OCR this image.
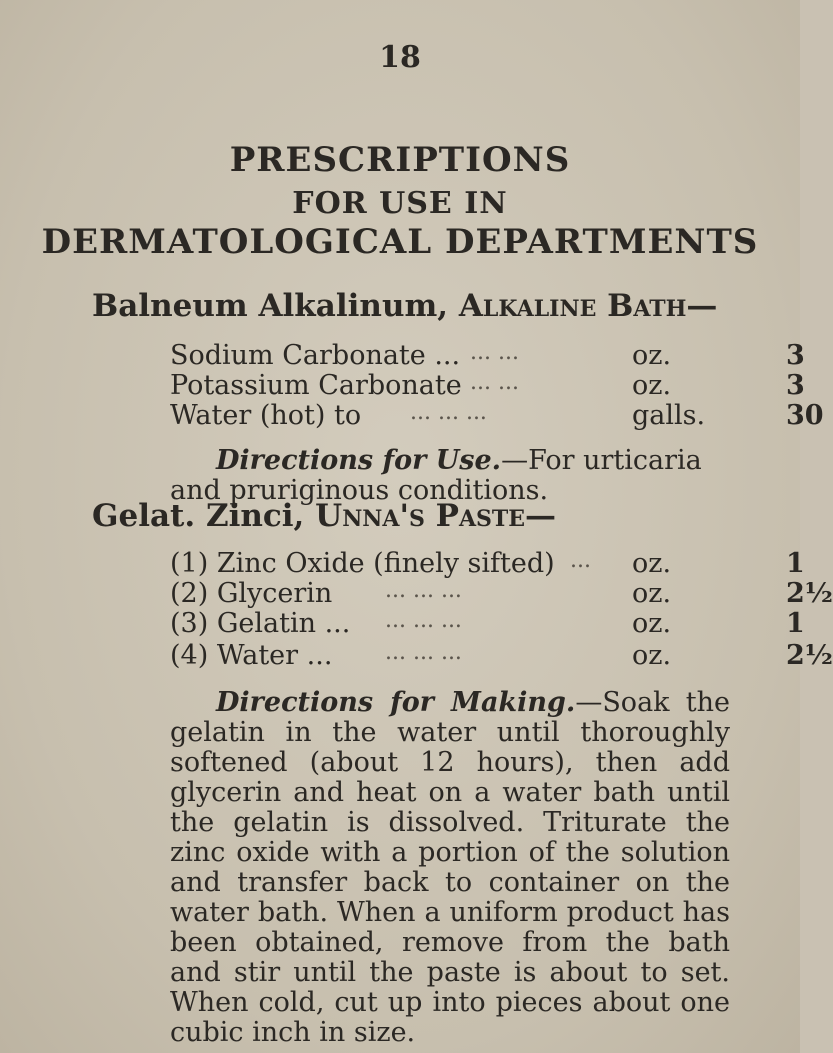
18
PRESCRIPTIONS
FOR USE IN
DERMATOLOGICAL DEPARTMENTS
Balneum Alkalinum, Alkaline Bath—
Sodium Carbonate ... ... ...	oz.	3
Potassium Carbonate ... ...	oz.	3
Water (hot) to ... ... ...	galls.	30
Directions for Use.—For urticaria and pruriginous conditions.
Gelat. Zinci, Unna's Paste—
(1) Zinc Oxide (finely sifted) ... oz.	1
(2) Glycerin ... ... ...	oz.	2½
(3) Gelatin ... ... ... ...	oz.	1
(4) Water ... ... ... ...	oz.	2½
Directions for Making.—Soak the gelatin in the water until thoroughly softened (about 12 hours), then add glycerin and heat on a water bath until the gelatin is dissolved. Triturate the zinc oxide with a portion of the solution and transfer back to container on the water bath. When a uniform product has been obtained, remove from the bath and stir until the paste is about to set. When cold, cut up into pieces about one cubic inch in size.
